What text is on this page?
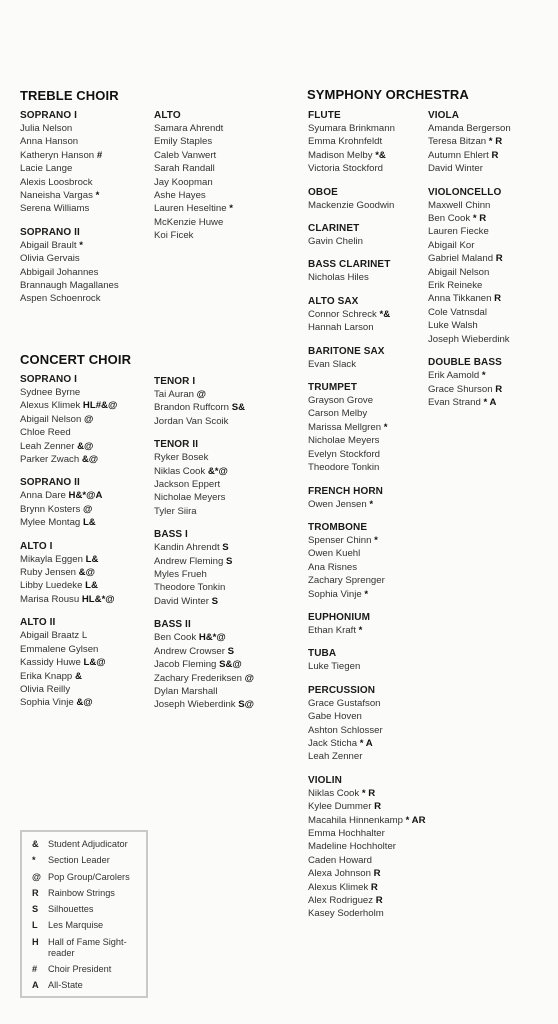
TREBLE CHOIR
SOPRANO I
Julia Nelson
Anna Hanson
Katheryn Hanson #
Lacie Lange
Alexis Loosbrock
Naneisha Vargas *
Serena Williams
SOPRANO II
Abigail Brault *
Olivia Gervais
Abbigail Johannes
Brannaugh Magallanes
Aspen Schoenrock
ALTO
Samara Ahrendt
Emily Staples
Caleb Vanwert
Sarah Randall
Jay Koopman
Ashe Hayes
Lauren Heseltine *
McKenzie Huwe
Koi Ficek
CONCERT CHOIR
SOPRANO I
Sydnee Byrne
Alexus Klimek HL#&@
Abigail Nelson @
Chloe Reed
Leah Zenner &@
Parker Zwach &@
SOPRANO II
Anna Dare H&*@A
Brynn Kosters @
Mylee Montag L&
ALTO I
Mikayla Eggen L&
Ruby Jensen &@
Libby Luedeke L&
Marisa Rousu HL&*@
ALTO II
Abigail Braatz L
Emmalene Gylsen
Kassidy Huwe L&@
Erika Knapp &
Olivia Reilly
Sophia Vinje &@
TENOR I
Tai Auran @
Brandon Ruffcorn S&
Jordan Van Scoik
TENOR II
Ryker Bosek
Niklas Cook &*@
Jackson Eppert
Nicholae Meyers
Tyler Siira
BASS I
Kandin Ahrendt S
Andrew Fleming S
Myles Frueh
Theodore Tonkin
David Winter S
BASS II
Ben Cook H&*@
Andrew Crowser S
Jacob Fleming S&@
Zachary Frederiksen @
Dylan Marshall
Joseph Wieberdink S@
SYMPHONY ORCHESTRA
FLUTE
Syumara Brinkmann
Emma Krohnfeldt
Madison Melby *&
Victoria Stockford
OBOE
Mackenzie Goodwin
CLARINET
Gavin Chelin
BASS CLARINET
Nicholas Hiles
ALTO SAX
Connor Schreck *&
Hannah Larson
BARITONE SAX
Evan Slack
TRUMPET
Grayson Grove
Carson Melby
Marissa Mellgren *
Nicholae Meyers
Evelyn Stockford
Theodore Tonkin
FRENCH HORN
Owen Jensen *
TROMBONE
Spenser Chinn *
Owen Kuehl
Ana Risnes
Zachary Sprenger
Sophia Vinje *
EUPHONIUM
Ethan Kraft *
TUBA
Luke Tiegen
PERCUSSION
Grace Gustafson
Gabe Hoven
Ashton Schlosser
Jack Sticha * A
Leah Zenner
VIOLIN
Niklas Cook * R
Kylee Dummer R
Macahila Hinnenkamp * AR
Emma Hochhalter
Madeline Hochholter
Caden Howard
Alexa Johnson R
Alexus Klimek R
Alex Rodriguez R
Kasey Soderholm
VIOLA
Amanda Bergerson
Teresa Bitzan * R
Autumn Ehlert R
David Winter
VIOLONCELLO
Maxwell Chinn
Ben Cook * R
Lauren Fiecke
Abigail Kor
Gabriel Maland R
Abigail Nelson
Erik Reineke
Anna Tikkanen R
Cole Vatnsdal
Luke Walsh
Joseph Wieberdink
DOUBLE BASS
Erik Aamold *
Grace Shurson R
Evan Strand * A
&	Student Adjudicator
*	Section Leader
@ Pop Group/Carolers
R	Rainbow Strings
S	Silhouettes
L	Les Marquise
H	Hall of Fame Sight-reader
#	Choir President
A	All-State
